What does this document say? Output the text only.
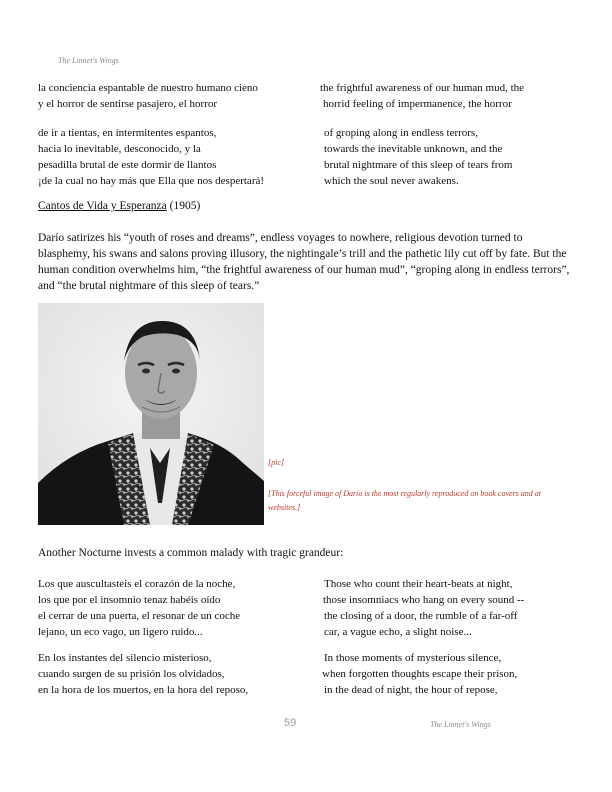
The Linnet's Wings
la conciencia espantable de nuestro humano cieno	the frightful awareness of our human mud, the
y el horror de sentirse pasajero, el horror	horrid feeling of impermanence, the horror
de ir a tientas, en intermitentes espantos,	of groping along in endless terrors,
hacia lo inevitable, desconocido, y la	towards the inevitable unknown, and the
pesadilla brutal de este dormir de llantos	brutal nightmare of this sleep of tears from
¡de la cual no hay más que Ella que nos despertará!	which the soul never awakens.
Cantos de Vida y Esperanza (1905)
Darío satirizes his “youth of roses and dreams”, endless voyages to nowhere, religious devotion turned to blasphemy, his swans and salons proving illusory, the nightingale’s trill and the pathetic lily cut off by fate. But the human condition overwhelms him, “the frightful awareness of our human mud”, “groping along in endless terrors”, and “the brutal nightmare of this sleep of tears.”
[pic]
[This forceful image of Darío is the most regularly reproduced on book covers and at websites.]
Another Nocturne invests a common malady with tragic grandeur:
Los que auscultasteis el corazón de la noche,	Those who count their heart-beats at night,
los que por el insomnio tenaz habéis oído	those insomniacs who hang on every sound --
el cerrar de una puerta, el resonar de un coche	the closing of a door, the rumble of a far-off
lejano, un eco vago, un ligero ruido...	car, a vague echo, a slight noise...
En los instantes del silencio misterioso,	In those moments of mysterious silence,
cuando surgen de su prisión los olvidados,	when forgotten thoughts escape their prison,
en la hora de los muertos, en la hora del reposo,	in the dead of night, the hour of repose,
59	The Linnet's Wings
